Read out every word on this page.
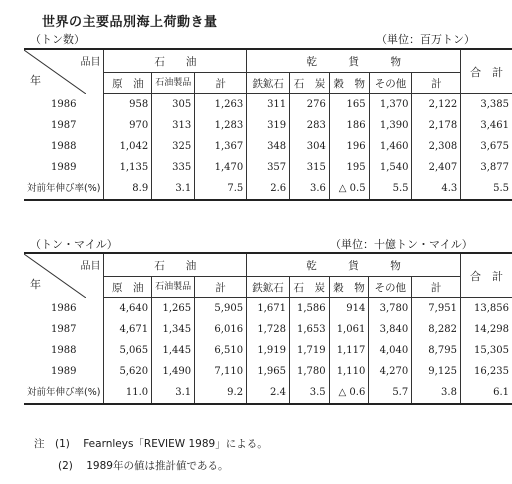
世界の主要品別海上荷動き量
（トン数）	（単位：百万トン）
品目
年	石　　油			乾　　　貨　　　物					合　計
	原　油	石油製品	計	鉄鉱石	石　炭	穀　物	その他	計	
1986	958	305	1,263	311	276	165	1,370	2,122	3,385
1987	970	313	1,283	319	283	186	1,390	2,178	3,461
1988	1,042	325	1,367	348	304	196	1,460	2,308	3,675
1989	1,135	335	1,470	357	315	195	1,540	2,407	3,877
対前年伸び率(%)	8.9	3.1	7.5	2.6	3.6	△ 0.5	5.5	4.3	5.5
（トン・マイル）	（単位：十億トン・マイル）
品目
年	石　　油			乾　　　貨　　　物					合　計
	原　油	石油製品	計	鉄鉱石	石　炭	穀　物	その他	計	
1986	4,640	1,265	5,905	1,671	1,586	914	3,780	7,951	13,856
1987	4,671	1,345	6,016	1,728	1,653	1,061	3,840	8,282	14,298
1988	5,065	1,445	6,510	1,919	1,719	1,117	4,040	8,795	15,305
1989	5,620	1,490	7,110	1,965	1,780	1,110	4,270	9,125	16,235
対前年伸び率(%)	11.0	3.1	9.2	2.4	3.5	△ 0.6	5.7	3.8	6.1
注　(1) Fearnleys「REVIEW 1989」による。
(2) 1989年の値は推計値である。
